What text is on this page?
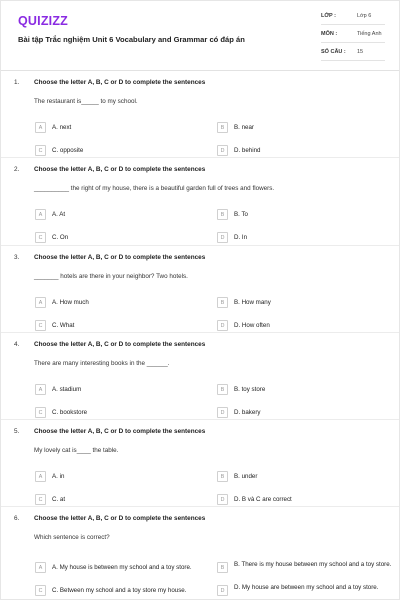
QUIZIZZ
Bài tập Trắc nghiệm Unit 6 Vocabulary and Grammar có đáp án
LỚP :	Lớp 6
MÔN :	Tiếng Anh
SỐ CÂU : 15
1. Choose the letter A, B, C or D to complete the sentences
The restaurant is_____ to my school.
A	A. next	B	B. near
C	C. opposite	D	D. behind
2. Choose the letter A, B, C or D to complete the sentences
__________ the right of my house, there is a beautiful garden full of trees and flowers.
A	A. At	B	B. To
C	C. On	D	D. In
3. Choose the letter A, B, C or D to complete the sentences
_______ hotels are there in your neighbor? Two hotels.
A	A. How much	B	B. How many
C	C. What	D	D. How often
4. Choose the letter A, B, C or D to complete the sentences
There are many interesting books in the ______.
A	A. stadium	B	B. toy store
C	C. bookstore	D	D. bakery
5. Choose the letter A, B, C or D to complete the sentences
My lovely cat is____ the table.
A	A. in	B	B. under
C	C. at	D	D. B và C are correct
6. Choose the letter A, B, C or D to complete the sentences
Which sentence is correct?
A	A. My house is between my school and a toy store.	B	B. There is my house between my school and a toy store.
C	C. Between my school and a toy store my house.	D	D. My house are between my school and a toy store.
